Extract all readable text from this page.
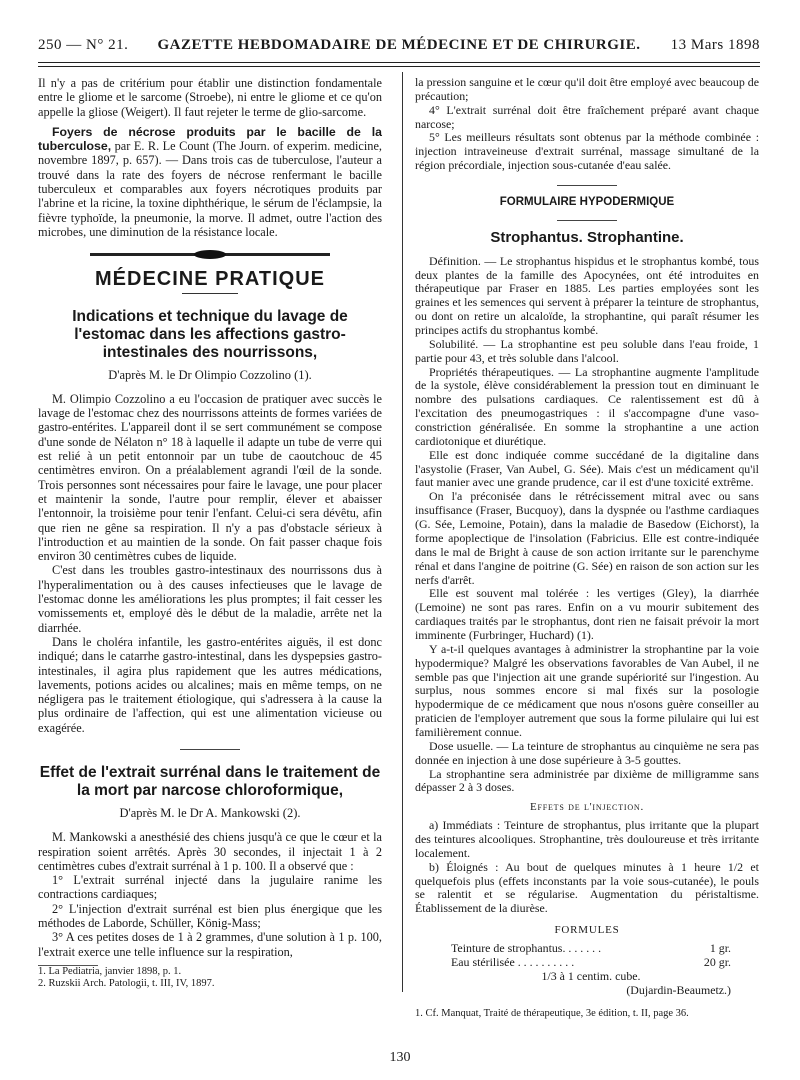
250 — N° 21.	GAZETTE HEBDOMADAIRE DE MÉDECINE ET DE CHIRURGIE.	13 Mars 1898

Il n'y a pas de critérium pour établir une distinction fondamentale entre le gliome et le sarcome (Stroebe), ni entre le gliome et ce qu'on appelle la gliose (Weigert). Il faut rejeter le terme de glio-sarcome.

Foyers de nécrose produits par le bacille de la tuberculose, par E. R. Le Count (The Journ. of experim. medicine, novembre 1897, p. 657). — Dans trois cas de tuberculose, l'auteur a trouvé dans la rate des foyers de nécrose renfermant le bacille tuberculeux et comparables aux foyers nécrotiques produits par l'abrine et la ricine, la toxine diphthérique, le sérum de l'éclampsie, la fièvre typhoïde, la pneumonie, la morve. Il admet, outre l'action des microbes, une diminution de la résistance locale.

MÉDECINE PRATIQUE
Indications et technique du lavage de l'estomac dans les affections gastro-intestinales des nourrissons,
D'après M. le Dr Olimpio Cozzolino (1).

M. Olimpio Cozzolino a eu l'occasion de pratiquer avec succès le lavage de l'estomac chez des nourrissons atteints de formes variées de gastro-entérites. L'appareil dont il se sert communément se compose d'une sonde de Nélaton n° 18 à laquelle il adapte un tube de verre qui est relié à un petit entonnoir par un tube de caoutchouc de 45 centimètres environ. On a préalablement agrandi l'œil de la sonde. Trois personnes sont nécessaires pour faire le lavage, une pour placer et maintenir la sonde, l'autre pour remplir, élever et abaisser l'entonnoir, la troisième pour tenir l'enfant. Celui-ci sera dévêtu, afin que rien ne gêne sa respiration. Il n'y a pas d'obstacle sérieux à l'introduction et au maintien de la sonde. On fait passer chaque fois environ 30 centimètres cubes de liquide.

C'est dans les troubles gastro-intestinaux des nourrissons dus à l'hyperalimentation ou à des causes infectieuses que le lavage de l'estomac donne les améliorations les plus promptes; il fait cesser les vomissements et, employé dès le début de la maladie, arrête net la diarrhée.

Dans le choléra infantile, les gastro-entérites aiguës, il est donc indiqué; dans le catarrhe gastro-intestinal, dans les dyspepsies gastro-intestinales, il agira plus rapidement que les autres médications, lavements, potions acides ou alcalines; mais en même temps, on ne négligera pas le traitement étiologique, qui s'adressera à la cause la plus ordinaire de l'affection, qui est une alimentation vicieuse ou exagérée.

Effet de l'extrait surrénal dans le traitement de la mort par narcose chloroformique,
D'après M. le Dr A. Mankowski (2).

M. Mankowski a anesthésié des chiens jusqu'à ce que le cœur et la respiration soient arrêtés. Après 30 secondes, il injectait 1 à 2 centimètres cubes d'extrait surrénal à 1 p. 100. Il a observé que :

1° L'extrait surrénal injecté dans la jugulaire ranime les contractions cardiaques;

2° L'injection d'extrait surrénal est bien plus énergique que les méthodes de Laborde, Schüller, König-Mass;

3° A ces petites doses de 1 à 2 grammes, d'une solution à 1 p. 100, l'extrait exerce une telle influence sur la respiration,

1. La Pediatria, janvier 1898, p. 1.

2. Ruzskii Arch. Patologii, t. III, IV, 1897.

la pression sanguine et le cœur qu'il doit être employé avec beaucoup de précaution;

4° L'extrait surrénal doit être fraîchement préparé avant chaque narcose;

5° Les meilleurs résultats sont obtenus par la méthode combinée : injection intraveineuse d'extrait surrénal, massage simultané de la région précordiale, injection sous-cutanée d'eau salée.

FORMULAIRE HYPODERMIQUE
Strophantus. Strophantine.

Définition. — Le strophantus hispidus et le strophantus kombé, tous deux plantes de la famille des Apocynées, ont été introduites en thérapeutique par Fraser en 1885. Les parties employées sont les graines et les semences qui servent à préparer la teinture de strophantus, ou dont on retire un alcaloïde, la strophantine, qui paraît résumer les principes actifs du strophantus kombé.

Solubilité. — La strophantine est peu soluble dans l'eau froide, 1 partie pour 43, et très soluble dans l'alcool.

Propriétés thérapeutiques. — La strophantine augmente l'amplitude de la systole, élève considérablement la pression tout en diminuant le nombre des pulsations cardiaques. Ce ralentissement est dû à l'excitation des pneumogastriques : il s'accompagne d'une vaso-constriction généralisée. En somme la strophantine a une action cardiotonique et diurétique.

Elle est donc indiquée comme succédané de la digitaline dans l'asystolie (Fraser, Van Aubel, G. Sée). Mais c'est un médicament qu'il faut manier avec une grande prudence, car il est d'une toxicité extrême.

On l'a préconisée dans le rétrécissement mitral avec ou sans insuffisance (Fraser, Bucquoy), dans la dyspnée ou l'asthme cardiaques (G. Sée, Lemoine, Potain), dans la maladie de Basedow (Eichorst), la forme apoplectique de l'insolation (Fabricius. Elle est contre-indiquée dans le mal de Bright à cause de son action irritante sur le parenchyme rénal et dans l'angine de poitrine (G. Sée) en raison de son action sur les nerfs d'arrêt.

Elle est souvent mal tolérée : les vertiges (Gley), la diarrhée (Lemoine) ne sont pas rares. Enfin on a vu mourir subitement des cardiaques traités par le strophantus, dont rien ne faisait prévoir la mort imminente (Furbringer, Huchard) (1).

Y a-t-il quelques avantages à administrer la strophantine par la voie hypodermique? Malgré les observations favorables de Van Aubel, il ne semble pas que l'injection ait une grande supériorité sur l'ingestion. Au surplus, nous sommes encore si mal fixés sur la posologie hypodermique de ce médicament que nous n'osons guère conseiller au praticien de l'employer autrement que sous la forme pilulaire qui lui est familièrement connue.

Dose usuelle. — La teinture de strophantus au cinquième ne sera pas donnée en injection à une dose supérieure à 3-5 gouttes.

La strophantine sera administrée par dixième de milligramme sans dépasser 2 à 3 doses.

Effets de l'injection.

a) Immédiats : Teinture de strophantus, plus irritante que la plupart des teintures alcooliques. Strophantine, très douloureuse et très irritante localement.

b) Éloignés : Au bout de quelques minutes à 1 heure 1/2 et quelquefois plus (effets inconstants par la voie sous-cutanée), le pouls se ralentit et se régularise. Augmentation du péristaltisme. Établissement de la diurèse.

FORMULES
Teinture de strophantus. . . . . . .	1 gr.
Eau stérilisée . . . . . . . . . .	20 gr.
1/3 à 1 centim. cube.
(Dujardin-Beaumetz.)
1. Cf. Manquat, Traité de thérapeutique, 3e édition, t. II, page 36.
130
